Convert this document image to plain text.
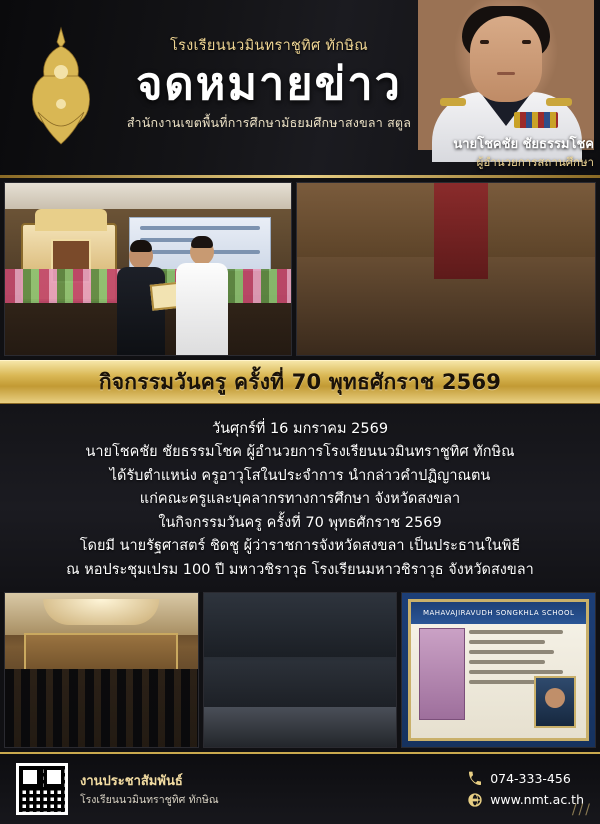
โรงเรียนนวมินทราชูทิศ ทักษิณ
จดหมายข่าว
สำนักงานเขตพื้นที่การศึกษามัธยมศึกษาสงขลา สตูล
นายโชคชัย ชัยธรรมโชค
ผู้อำนวยการสถานศึกษา
กิจกรรมวันครู ครั้งที่ 70 พุทธศักราช 2569

วันศุกร์ที่ 16 มกราคม 2569

นายโชคชัย ชัยธรรมโชค ผู้อำนวยการโรงเรียนนวมินทราชูทิศ ทักษิณ

ได้รับตำแหน่ง ครูอาวุโสในประจำการ นำกล่าวคำปฏิญาณตน

แก่คณะครูและบุคลากรทางการศึกษา จังหวัดสงขลา

ในกิจกรรมวันครู ครั้งที่ 70 พุทธศักราช 2569

โดยมี นายรัฐศาสตร์ ชิดชู ผู้ว่าราชการจังหวัดสงขลา เป็นประธานในพิธี

ณ หอประชุมเปรม 100 ปี มหาวชิราวุธ โรงเรียนมหาวชิราวุธ จังหวัดสงขลา

MAHAVAJIRAVUDH SONGKHLA SCHOOL
งานประชาสัมพันธ์
โรงเรียนนวมินทราชูทิศ ทักษิณ
074-333-456
www.nmt.ac.th
///
